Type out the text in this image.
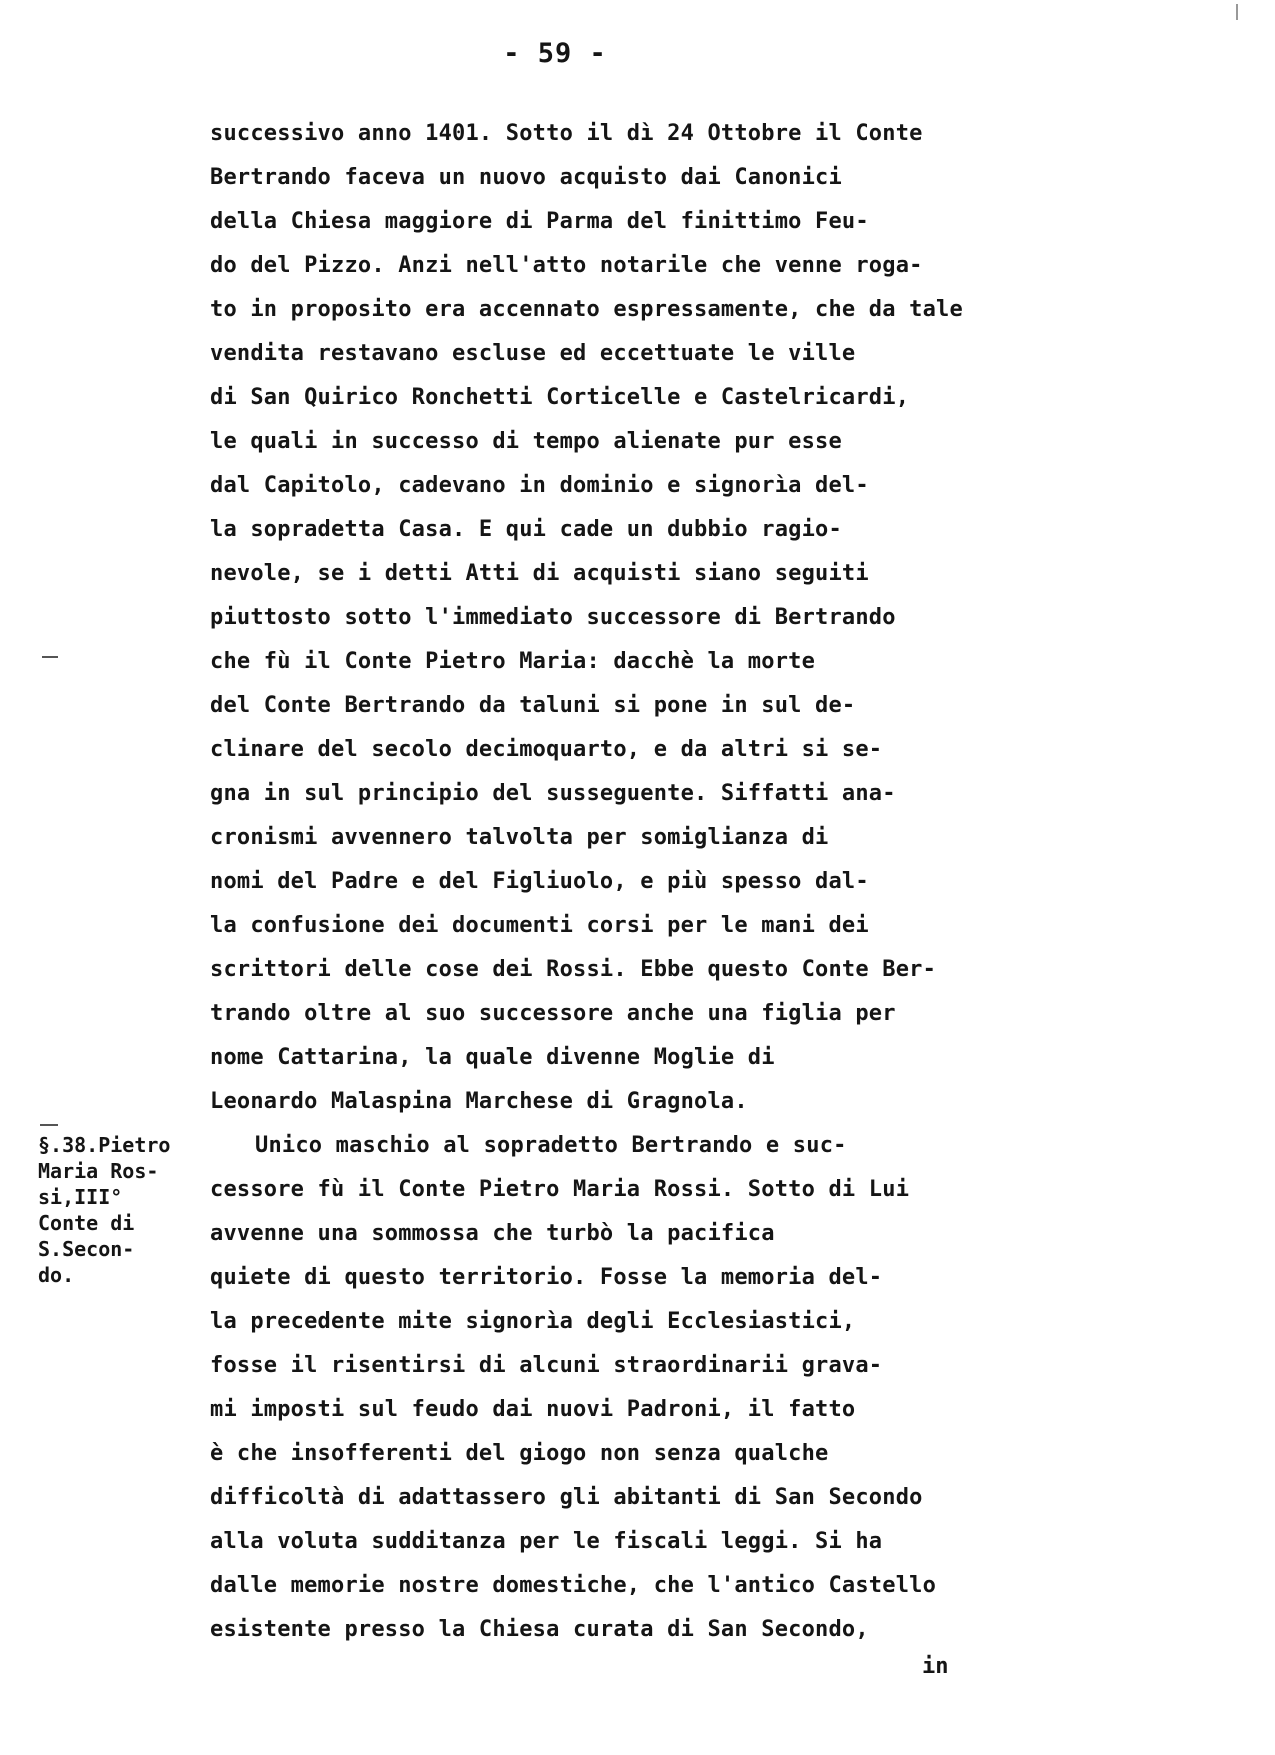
- 59 -
successivo anno 1401. Sotto il dì 24 Ottobre il Conte
Bertrando faceva un nuovo acquisto dai Canonici
della Chiesa maggiore di Parma del finittimo Feu-
do del Pizzo. Anzi nell'atto notarile che venne roga-
to in proposito era accennato espressamente, che da tale
vendita restavano escluse ed eccettuate le ville
di San Quirico Ronchetti Corticelle e Castelricardi,
le quali in successo di tempo alienate pur esse
dal Capitolo, cadevano in dominio e signorìa del-
la sopradetta Casa. E qui cade un dubbio ragio-
nevole, se i detti Atti di acquisti siano seguiti
piuttosto sotto l'immediato successore di Bertrando
che fù il Conte Pietro Maria: dacchè la morte
del Conte Bertrando da taluni si pone in sul de-
clinare del secolo decimoquarto, e da altri si se-
gna in sul principio del susseguente. Siffatti ana-
cronismi avvennero talvolta per somiglianza di
nomi del Padre e del Figliuolo, e più spesso dal-
la confusione dei documenti corsi per le mani dei
scrittori delle cose dei Rossi. Ebbe questo Conte Ber-
trando oltre al suo successore anche una figlia per
nome Cattarina, la quale divenne Moglie di
Leonardo Malaspina Marchese di Gragnola.
Unico maschio al sopradetto Bertrando e suc-
cessore fù il Conte Pietro Maria Rossi. Sotto di Lui
avvenne una sommossa che turbò la pacifica
quiete di questo territorio. Fosse la memoria del-
la precedente mite signorìa degli Ecclesiastici,
fosse il risentirsi di alcuni straordinarii grava-
mi imposti sul feudo dai nuovi Padroni, il fatto
è che insofferenti del giogo non senza qualche
difficoltà di adattassero gli abitanti di San Secondo
alla voluta sudditanza per le fiscali leggi. Si ha
dalle memorie nostre domestiche, che l'antico Castello
esistente presso la Chiesa curata di San Secondo,
§.38.Pietro
Maria Ros-
si,III°
Conte di
S.Secon-
do.
in
